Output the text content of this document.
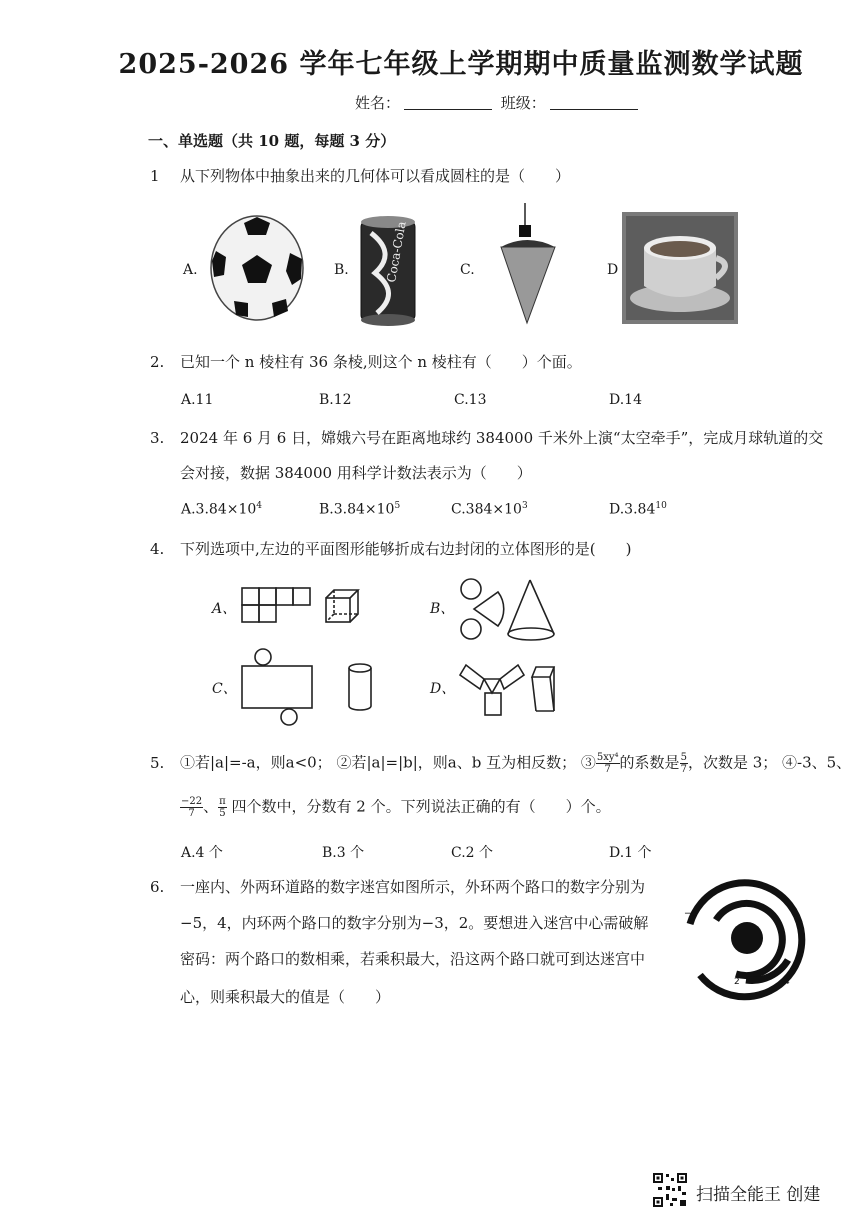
2025-2026 学年七年级上学期期中质量监测数学试题
姓名：	班级：
一、单选题（共 10 题，每题 3 分）
1 从下列物体中抽象出来的几何体可以看成圆柱的是（　　）
A.	B.	Coca-Cola	C.	D
2. 已知一个 n 棱柱有 36 条棱,则这个 n 棱柱有（　　）个面。
A.11	B.12	C.13	D.14
3. 2024 年 6 月 6 日，嫦娥六号在距离地球约 384000 千米外上演“太空牵手”，完成月球轨道的交
会对接，数据 384000 用科学计数法表示为（　　）
$A.3.84\times 10^4$	$B.3.84\times 10^5$	$C.384\times 10^3$	D.3.84$^{10}$
4. 下列选项中,左边的平面图形能够折成右边封闭的立体图形的是(　　)
A、	B、
C、	D、
5. ①若|a|=-a，则a<0； ②若|a|=|b|，则a、b 互为相反数； ③ $\frac{\text{5xy⁴}}{7}$ 的系数是 $\frac{5}{7}$ ，次数是 3； ④-3、5、
$\frac{-22}{7}$ 、 $\frac{\pi}{5}$ 四个数中，分数有 2 个。下列说法正确的有（　　）个。
A.4 个	B.3 个	C.2 个	D.1 个
6. 一座内、外两环道路的数字迷宫如图所示，外环两个路口的数字分别为
−5，4，内环两个路口的数字分别为−3，2。要想进入迷宫中心需破解
密码：两个路口的数相乘，若乘积最大，沿这两个路口就可到达迷宫中
心，则乘积最大的值是（　　）
−5
2	4
扫描全能王 创建
